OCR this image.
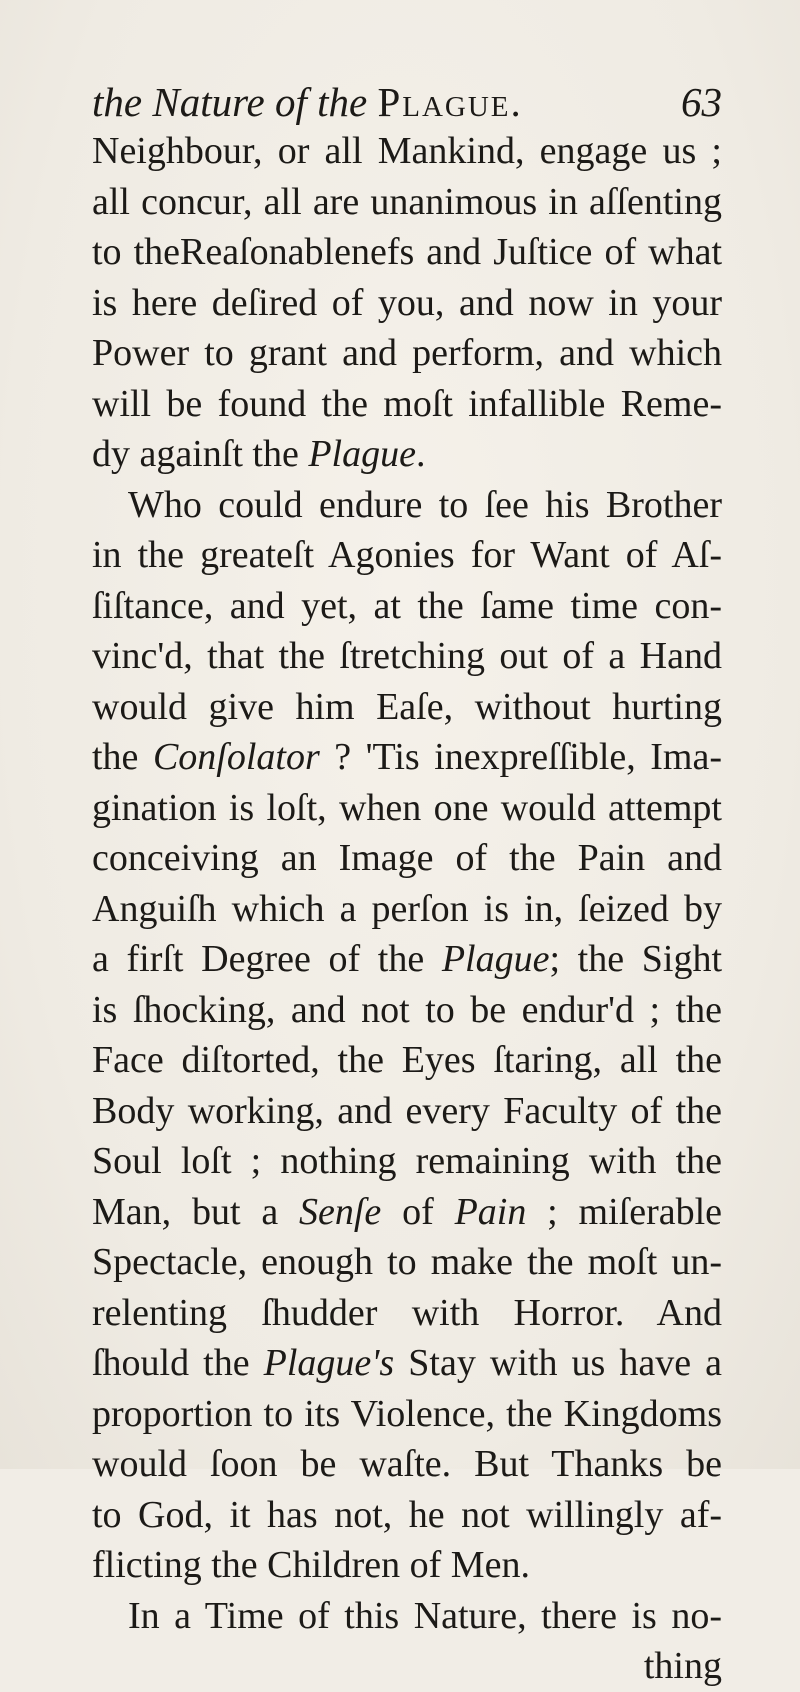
the Nature of the Plague.	63
Neighbour, or all Mankind, engage us ;
all concur, all are unanimous in aſſenting
to theReaſonablenefs and Juſtice of what
is here deſired of you, and now in your
Power to grant and perform, and which
will be found the moſt infallible Reme-
dy againſt the Plague.
Who could endure to ſee his Brother
in the greateſt Agonies for Want of Aſ-
ſiſtance, and yet, at the ſame time con-
vinc'd, that the ſtretching out of a Hand
would give him Eaſe, without hurting
the Conſolator ? 'Tis inexpreſſible, Ima-
gination is loſt, when one would attempt
conceiving an Image of the Pain and
Anguiſh which a perſon is in, ſeized by
a firſt Degree of the Plague; the Sight
is ſhocking, and not to be endur'd ; the
Face diſtorted, the Eyes ſtaring, all the
Body working, and every Faculty of the
Soul loſt ; nothing remaining with the
Man, but a Senſe of Pain ; miſerable
Spectacle, enough to make the moſt un-
relenting ſhudder with Horror. And
ſhould the Plague's Stay with us have a
proportion to its Violence, the Kingdoms
would ſoon be waſte. But Thanks be
to God, it has not, he not willingly af-
flicting the Children of Men.
In a Time of this Nature, there is no-
thing
